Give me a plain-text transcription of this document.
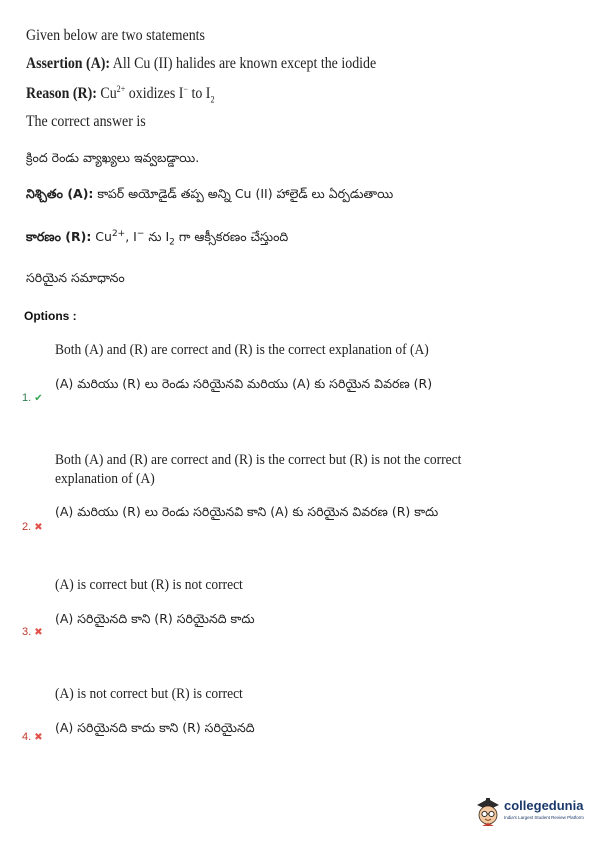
Given below are two statements
Assertion (A): All Cu (II) halides are known except the iodide
Reason (R): $Cu^{2+}$ oxidizes I− to $I_2$
The correct answer is
క్రింద రెండు వ్యాఖ్యలు ఇవ్వబడ్డాయి.
నిశ్చితం (A): కాపర్ అయోడైడ్ తప్ప అన్ని Cu (II) హాలైడ్ లు ఏర్పడుతాయి
కారణం (R): $Cu^{2+}$, I− ను $I_2$ గా ఆక్సీకరణం చేస్తుంది
సరియైన సమాధానం
Options :
Both (A) and (R) are correct and (R) is the correct explanation of (A)
(A) మరియు (R) లు రెండు సరియైనవి మరియు (A) కు సరియైన వివరణ (R)
1. ✔
Both (A) and (R) are correct and (R) is the correct but (R) is not the correct explanation of (A)
(A) మరియు (R) లు రెండు సరియైనవి కాని (A) కు సరియైన వివరణ (R) కాదు
2. ✖
(A) is correct but (R) is not correct
(A) సరియైనది కాని (R) సరియైనది కాదు
3. ✖
(A) is not correct but (R) is correct
(A) సరియైనది కాదు కాని (R) సరియైనది
4. ✖
collegedunia
India's Largest Student Review Platform
